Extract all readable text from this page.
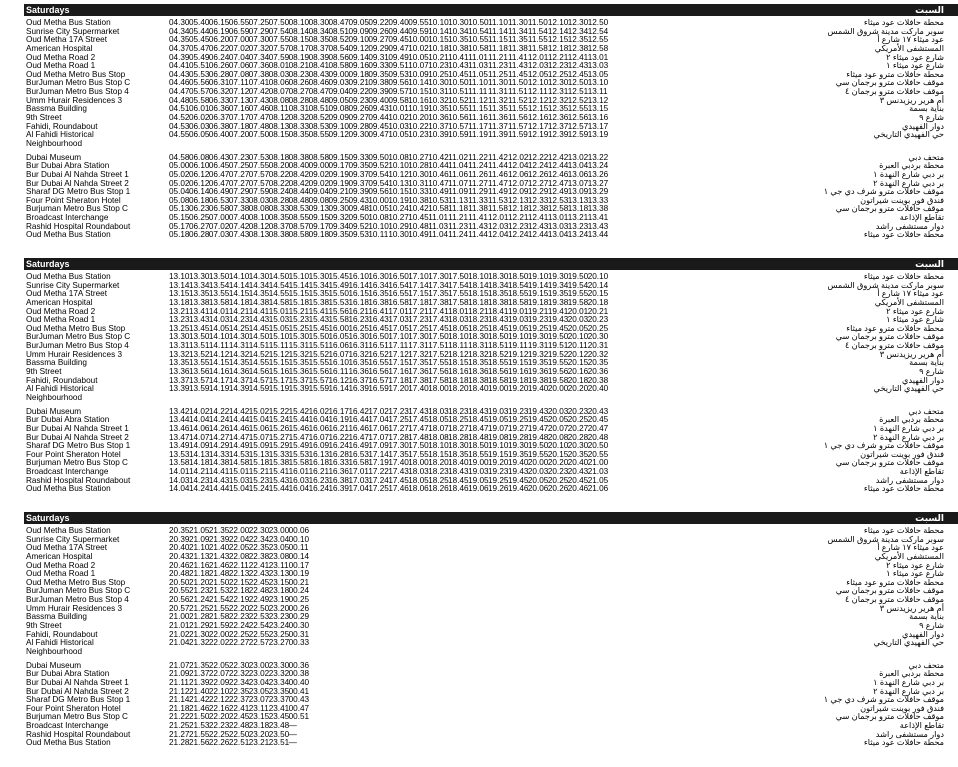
Saturdays	السبت
Oud Metha Bus Station	04.3005.4006.1506.5507.2507.5008.1008.3008.4709.0509.2209.4009.5510.1010.3010.5011.1011.3011.5012.1012.3012.50	محطة حافلات عود ميثاء
Sunrise City Supermarket	04.3405.4406.1906.5907.2907.5408.1408.3408.5109.0909.2609.4409.5910.1410.3410.5411.1411.3411.5412.1412.3412.54	سوبر ماركت مدينة شروق الشمس
Oud Metha 17A Street	04.3505.4506.2007.0007.3007.5508.1508.3508.5209.1009.2709.4510.0010.1510.3510.5511.1511.3511.5512.1512.3512.55	عود ميثاء ١٧ شارع أ
American Hospital	04.3705.4706.2207.0207.3207.5708.1708.3708.5409.1209.2909.4710.0210.1810.3810.5811.1811.3811.5812.1812.3812.58	المستشفى الأمريكي
Oud Metha Road 2	04.3905.4906.2407.0407.3407.5908.1908.3908.5609.1409.3109.4910.0510.2110.4111.0111.2111.4112.0112.2112.4113.01	شارع عود ميثاء ٢
Oud Metha Road 1	04.4105.5106.2607.0607.3608.0108.2108.4108.5809.1609.3309.5110.0710.2310.4311.0311.2311.4312.0312.2312.4313.03	شارع عود ميثاء ١
Oud Metha Metro Bus Stop	04.4305.5306.2807.0807.3808.0308.2308.4309.0009.1809.3509.5310.0910.2510.4511.0511.2511.4512.0512.2512.4513.05	محطة حافلات مترو عود ميثاء
BurJuman Metro Bus Stop C	04.4605.5606.3107.1107.4108.0608.2608.4609.0309.2109.3809.5610.1410.3010.5011.1011.3011.5012.1012.3012.5013.10	موقف حافلات مترو برجمان سي
BurJuman Metro Bus Stop 4	04.4705.5706.3207.1207.4208.0708.2708.4709.0409.2209.3909.5710.1510.3110.5111.1111.3111.5112.1112.3112.5113.11	موقف حافلات مترو برجمان ٤
Umm Hurair Residences 3	04.4805.5806.3307.1307.4308.0808.2808.4809.0509.2309.4009.5810.1610.3210.5211.1211.3211.5212.1212.3212.5213.12	أم هرير ريزيدنس ٣
Bassma Building	04.5106.0106.3607.1607.4608.1108.3108.5109.0809.2609.4310.0110.1910.3510.5511.1511.3511.5512.1512.3512.5513.15	بناية بسمة
9th Street	04.5206.0206.3707.1707.4708.1208.3208.5209.0909.2709.4410.0210.2010.3610.5611.1611.3611.5612.1612.3612.5613.16	شارع ٩
Fahidi, Roundabout	04.5306.0306.3807.1807.4808.1308.3308.5309.1009.2809.4510.0310.2210.3710.5711.1711.3711.5712.1712.3712.5713.17	دوار الفهيدي
Al Fahidi Historical	04.5506.0506.4007.2007.5008.1508.3508.5509.1209.3009.4710.0510.2310.3910.5911.1911.3911.5912.1912.3912.5913.19	حي الفهيدي التاريخي
Neighbourhood
Dubai Museum	04.5806.0806.4307.2307.5308.1808.3808.5809.1509.3309.5010.0810.2710.4211.0211.2211.4212.0212.2212.4213.0213.22	متحف دبي
Bur Dubai Abra Station	05.0006.1006.4507.2507.5508.2008.4009.0009.1709.3509.5210.1010.2810.4411.0411.2411.4412.0412.2412.4413.0413.24	محطة بردبي العبرة
Bur Dubai Al Nahda Street 1	05.0206.1206.4707.2707.5708.2208.4209.0209.1909.3709.5410.1210.3010.4611.0611.2611.4612.0612.2612.4613.0613.26	بر دبي شارع النهدة ١
Bur Dubai Al Nahda Street 2	05.0206.1206.4707.2707.5708.2208.4209.0209.1909.3709.5410.1310.3110.4711.0711.2711.4712.0712.2712.4713.0713.27	بر دبي شارع النهدة ٢
Sharaf DG Metro Bus Stop 1	05.0406.1406.4907.2907.5908.2408.4409.0409.2109.3909.5610.1510.3310.4911.0911.2911.4912.0912.2912.4913.0913.29	موقف حافلات مترو شرف دي جي ١
Four Point Sheraton Hotel	05.0806.1806.5307.3308.0308.2808.4809.0809.2509.4310.0010.1910.3810.5311.1311.3311.5312.1312.3312.5313.1313.33	فندق فور بوينت شيراتون
Burjuman Metro Bus Stop C	05.1306.2306.5807.3808.0808.3308.5309.1309.3009.4810.0510.2410.4210.5811.1811.3811.5812.1812.3812.5813.1813.38	موقف حافلات مترو برجمان سي
Broadcast Interchange	05.1506.2507.0007.4008.1008.3508.5509.1509.3209.5010.0810.2710.4511.0111.2111.4112.0112.2112.4113.0113.2113.41	تقاطع الإذاعة
Rashid Hospital Roundabout	05.1706.2707.0207.4208.1208.3708.5709.1709.3409.5210.1010.2910.4811.0311.2311.4312.0312.2312.4313.0313.2313.43	دوار مستشفى راشد
Oud Metha Bus Station	05.1806.2807.0307.4308.1308.3808.5809.1809.3509.5310.1110.3010.4911.0411.2411.4412.0412.2412.4413.0413.2413.44	محطة حافلات عود ميثاء
Saturdays	السبت
Oud Metha Bus Station	13.1013.3013.5014.1014.3014.5015.1015.3015.4516.1016.3016.5017.1017.3017.5018.1018.3018.5019.1019.3019.5020.10	محطة حافلات عود ميثاء
Sunrise City Supermarket	13.1413.3413.5414.1414.3414.5415.1415.3415.4916.1416.3416.5417.1417.3417.5418.1418.3418.5419.1419.3419.5420.14	سوبر ماركت مدينة شروق الشمس
Oud Metha 17A Street	13.1513.3513.5514.1514.3514.5515.1515.3515.5016.1516.3516.5517.1517.3517.5518.1518.3518.5519.1519.3519.5520.15	عود ميثاء ١٧ شارع أ
American Hospital	13.1813.3813.5814.1814.3814.5815.1815.3815.5316.1816.3816.5817.1817.3817.5818.1818.3818.5819.1819.3819.5820.18	المستشفى الأمريكي
Oud Metha Road 2	13.2113.4114.0114.2114.4115.0115.2115.4115.5616.2116.4117.0117.2117.4118.0118.2118.4119.0119.2119.4120.0120.21	شارع عود ميثاء ٢
Oud Metha Road 1	13.2313.4314.0314.2314.4315.0315.2315.4315.5816.2316.4317.0317.2317.4318.0318.2318.4319.0319.2319.4320.0320.23	شارع عود ميثاء ١
Oud Metha Metro Bus Stop	13.2513.4514.0514.2514.4515.0515.2515.4516.0016.2516.4517.0517.2517.4518.0518.2518.4519.0519.2519.4520.0520.25	محطة حافلات مترو عود ميثاء
BurJuman Metro Bus Stop C	13.3013.5014.1014.3014.5015.1015.3015.5016.0516.3016.5017.1017.3017.5018.1018.3018.5019.1019.3019.5020.1020.30	موقف حافلات مترو برجمان سي
BurJuman Metro Bus Stop 4	13.3113.5114.1114.3114.5115.1115.3115.5116.0616.3116.5117.1117.3117.5118.1118.3118.5119.1119.3119.5120.1120.31	موقف حافلات مترو برجمان ٤
Umm Hurair Residences 3	13.3213.5214.1214.3214.5215.1215.3215.5216.0716.3216.5217.1217.3217.5218.1218.3218.5219.1219.3219.5220.1220.32	أم هرير ريزيدنس ٣
Bassma Building	13.3513.5514.1514.3514.5515.1515.3515.5516.1016.3516.5517.1517.3517.5518.1518.3518.5519.1519.3519.5520.1520.35	بناية بسمة
9th Street	13.3613.5614.1614.3614.5615.1615.3615.5616.1116.3616.5617.1617.3617.5618.1618.3618.5619.1619.3619.5620.1620.36	شارع ٩
Fahidi, Roundabout	13.3713.5714.1714.3714.5715.1715.3715.5716.1216.3716.5717.1817.3817.5818.1818.3818.5819.1819.3819.5820.1820.38	دوار الفهيدي
Al Fahidi Historical	13.3913.5914.1914.3914.5915.1915.3915.5916.1416.3916.5917.2017.4018.0018.2018.4019.0019.2019.4020.0020.2020.40	حي الفهيدي التاريخي
Neighbourhood
Dubai Museum	13.4214.0214.2214.4215.0215.2215.4216.0216.1716.4217.0217.2317.4318.0318.2318.4319.0319.2319.4320.0320.2320.43	متحف دبي
Bur Dubai Abra Station	13.4414.0414.2414.4415.0415.2415.4416.0416.1916.4417.0417.2517.4518.0518.2518.4519.0519.2519.4520.0520.2520.45	محطة بردبي العبرة
Bur Dubai Al Nahda Street 1	13.4614.0614.2614.4615.0615.2615.4616.0616.2116.4617.0617.2717.4718.0718.2718.4719.0719.2719.4720.0720.2720.47	بر دبي شارع النهدة ١
Bur Dubai Al Nahda Street 2	13.4714.0714.2714.4715.0715.2715.4716.0716.2216.4717.0717.2817.4818.0818.2818.4819.0819.2819.4820.0820.2820.48	بر دبي شارع النهدة ٢
Sharaf DG Metro Bus Stop 1	13.4914.0914.2914.4915.0915.2915.4916.0916.2416.4917.0917.3017.5018.1018.3018.5019.1019.3019.5020.1020.3020.50	موقف حافلات مترو شرف دي جي ١
Four Point Sheraton Hotel	13.5314.1314.3314.5315.1315.3315.5316.1316.2816.5317.1417.3517.5518.1518.3518.5519.1519.3519.5520.1520.3520.55	فندق فور بوينت شيراتون
Burjuman Metro Bus Stop C	13.5814.1814.3814.5815.1815.3815.5816.1816.3316.5817.1917.4018.0018.2018.4019.0019.2019.4020.0020.2020.4021.00	موقف حافلات مترو برجمان سي
Broadcast Interchange	14.0114.2114.4115.0115.2115.4116.0116.2116.3617.0117.2217.4318.0318.2318.4319.0319.2319.4320.0320.2320.4321.03	تقاطع الإذاعة
Rashid Hospital Roundabout	14.0314.2314.4315.0315.2315.4316.0316.2316.3817.0317.2417.4518.0518.2518.4519.0519.2519.4520.0520.2520.4521.05	دوار مستشفى راشد
Oud Metha Bus Station	14.0414.2414.4415.0415.2415.4416.0416.2416.3917.0417.2517.4618.0618.2618.4619.0619.2619.4620.0620.2620.4621.06	محطة حافلات عود ميثاء
Saturdays	السبت
Oud Metha Bus Station	20.3521.0521.3522.0022.3023.0000.06	محطة حافلات عود ميثاء
Sunrise City Supermarket	20.3921.0921.3922.0422.3423.0400.10	سوبر ماركت مدينة شروق الشمس
Oud Metha 17A Street	20.4021.1021.4022.0522.3523.0500.11	عود ميثاء ١٧ شارع أ
American Hospital	20.4321.1321.4322.0822.3823.0800.14	المستشفى الأمريكي
Oud Metha Road 2	20.4621.1621.4622.1122.4123.1100.17	شارع عود ميثاء ٢
Oud Metha Road 1	20.4821.1821.4822.1322.4323.1300.19	شارع عود ميثاء ١
Oud Metha Metro Bus Stop	20.5021.2021.5022.1522.4523.1500.21	محطة حافلات مترو عود ميثاء
BurJuman Metro Bus Stop C	20.5521.2321.5322.1822.4823.1800.24	موقف حافلات مترو برجمان سي
BurJuman Metro Bus Stop 4	20.5621.2421.5422.1922.4923.1900.25	موقف حافلات مترو برجمان ٤
Umm Hurair Residences 3	20.5721.2521.5522.2022.5023.2000.26	أم هرير ريزيدنس ٣
Bassma Building	21.0021.2821.5822.2322.5323.2300.29	بناية بسمة
9th Street	21.0121.2921.5922.2422.5423.2400.30	شارع ٩
Fahidi, Roundabout	21.0221.3022.0022.2522.5523.2500.31	دوار الفهيدي
Al Fahidi Historical	21.0421.3222.0222.2722.5723.2700.33	حي الفهيدي التاريخي
Neighbourhood
Dubai Museum	21.0721.3522.0522.3023.0023.3000.36	متحف دبي
Bur Dubai Abra Station	21.0921.3722.0722.3223.0223.3200.38	محطة بردبي العبرة
Bur Dubai Al Nahda Street 1	21.1121.3922.0922.3423.0423.3400.40	بر دبي شارع النهدة ١
Bur Dubai Al Nahda Street 2	21.1221.4022.1022.3523.0523.3500.41	بر دبي شارع النهدة ٢
Sharaf DG Metro Bus Stop 1	21.1421.4222.1222.3723.0723.3700.43	موقف حافلات مترو شرف دي جي ١
Four Point Sheraton Hotel	21.1821.4622.1622.4123.1123.4100.47	فندق فور بوينت شيراتون
Burjuman Metro Bus Stop C	21.2221.5022.2022.4523.1523.4500.51	موقف حافلات مترو برجمان سي
Broadcast Interchange	21.2521.5322.2322.4823.1823.48—	تقاطع الإذاعة
Rashid Hospital Roundabout	21.2721.5522.2522.5023.2023.50—	دوار مستشفى راشد
Oud Metha Bus Station	21.2821.5622.2622.5123.2123.51—	محطة حافلات عود ميثاء
